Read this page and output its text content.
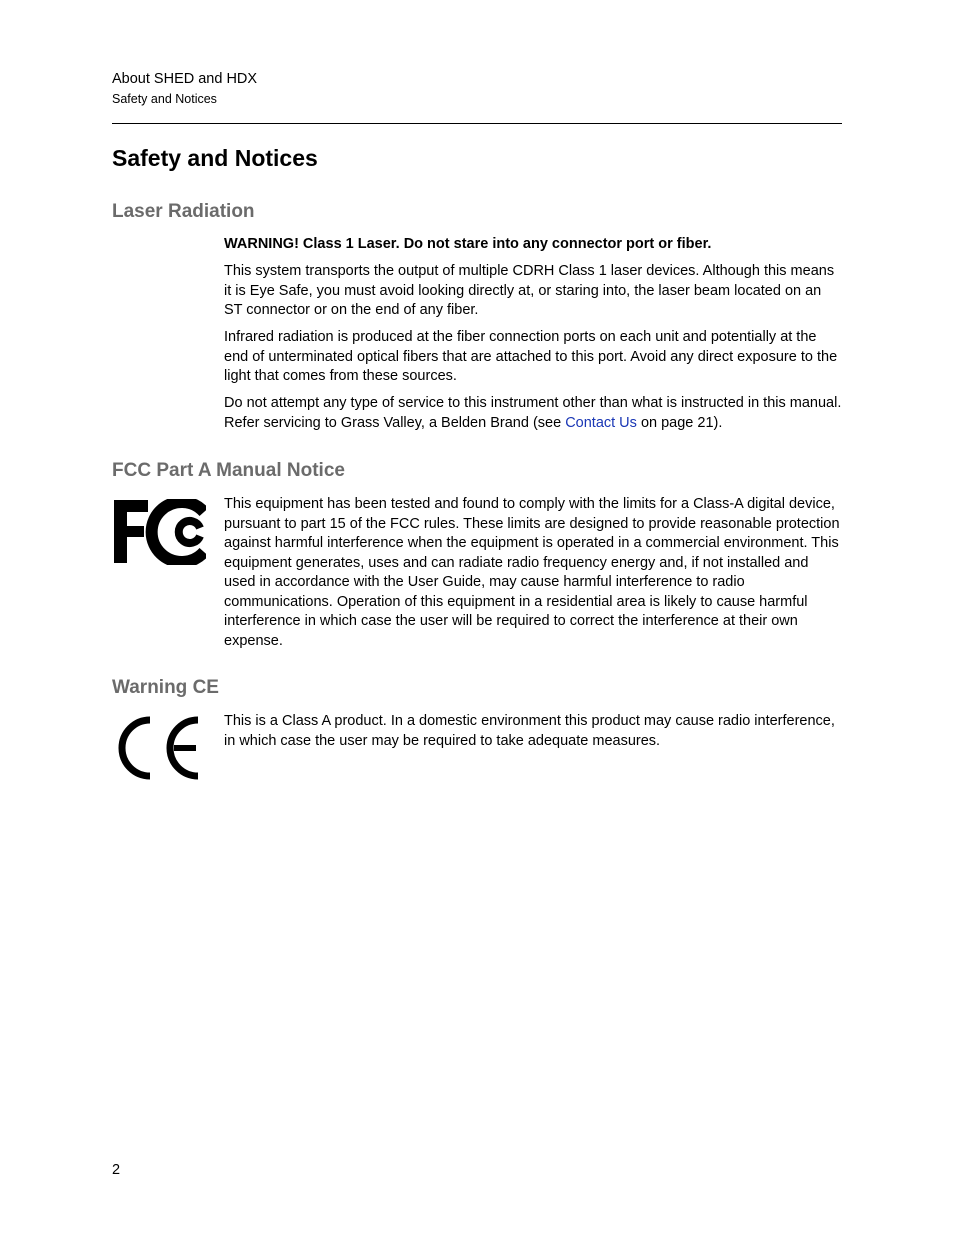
About SHED and HDX
Safety and Notices
Safety and Notices
Laser Radiation

WARNING! Class 1 Laser. Do not stare into any connector port or fiber.

This system transports the output of multiple CDRH Class 1 laser devices. Although this means it is Eye Safe, you must avoid looking directly at, or staring into, the laser beam located on an ST connector or on the end of any fiber.

Infrared radiation is produced at the fiber connection ports on each unit and potentially at the end of unterminated optical fibers that are attached to this port. Avoid any direct exposure to the light that comes from these sources.

Do not attempt any type of service to this instrument other than what is instructed in this manual. Refer servicing to Grass Valley, a Belden Brand (see Contact Us on page 21).

FCC Part A Manual Notice

This equipment has been tested and found to comply with the limits for a Class-A digital device, pursuant to part 15 of the FCC rules. These limits are designed to provide reasonable protection against harmful interference when the equipment is operated in a commercial environment. This equipment generates, uses and can radiate radio frequency energy and, if not installed and used in accordance with the User Guide, may cause harmful interference to radio communications. Operation of this equipment in a residential area is likely to cause harmful interference in which case the user will be required to correct the interference at their own expense.

Warning CE

This is a Class A product. In a domestic environment this product may cause radio interference, in which case the user may be required to take adequate measures.

2
